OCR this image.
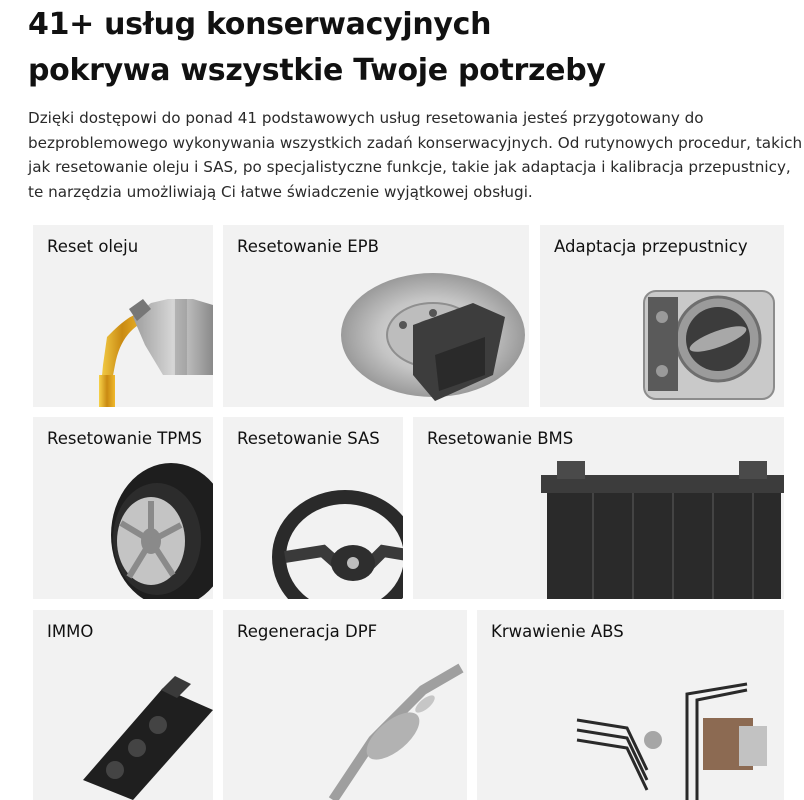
41+ usług konserwacyjnych
pokrywa wszystkie Twoje potrzeby
Dzięki dostępowi do ponad 41 podstawowych usług resetowania jesteś przygotowany do
bezproblemowego wykonywania wszystkich zadań konserwacyjnych. Od rutynowych procedur, takich
jak resetowanie oleju i SAS, po specjalistyczne funkcje, takie jak adaptacja i kalibracja przepustnicy,
te narzędzia umożliwiają Ci łatwe świadczenie wyjątkowej obsługi.
Reset oleju	Resetowanie EPB	Adaptacja przepustnicy
Resetowanie TPMS Resetowanie SAS	Resetowanie BMS
IMMO	Regeneracja DPF	Krwawienie ABS
